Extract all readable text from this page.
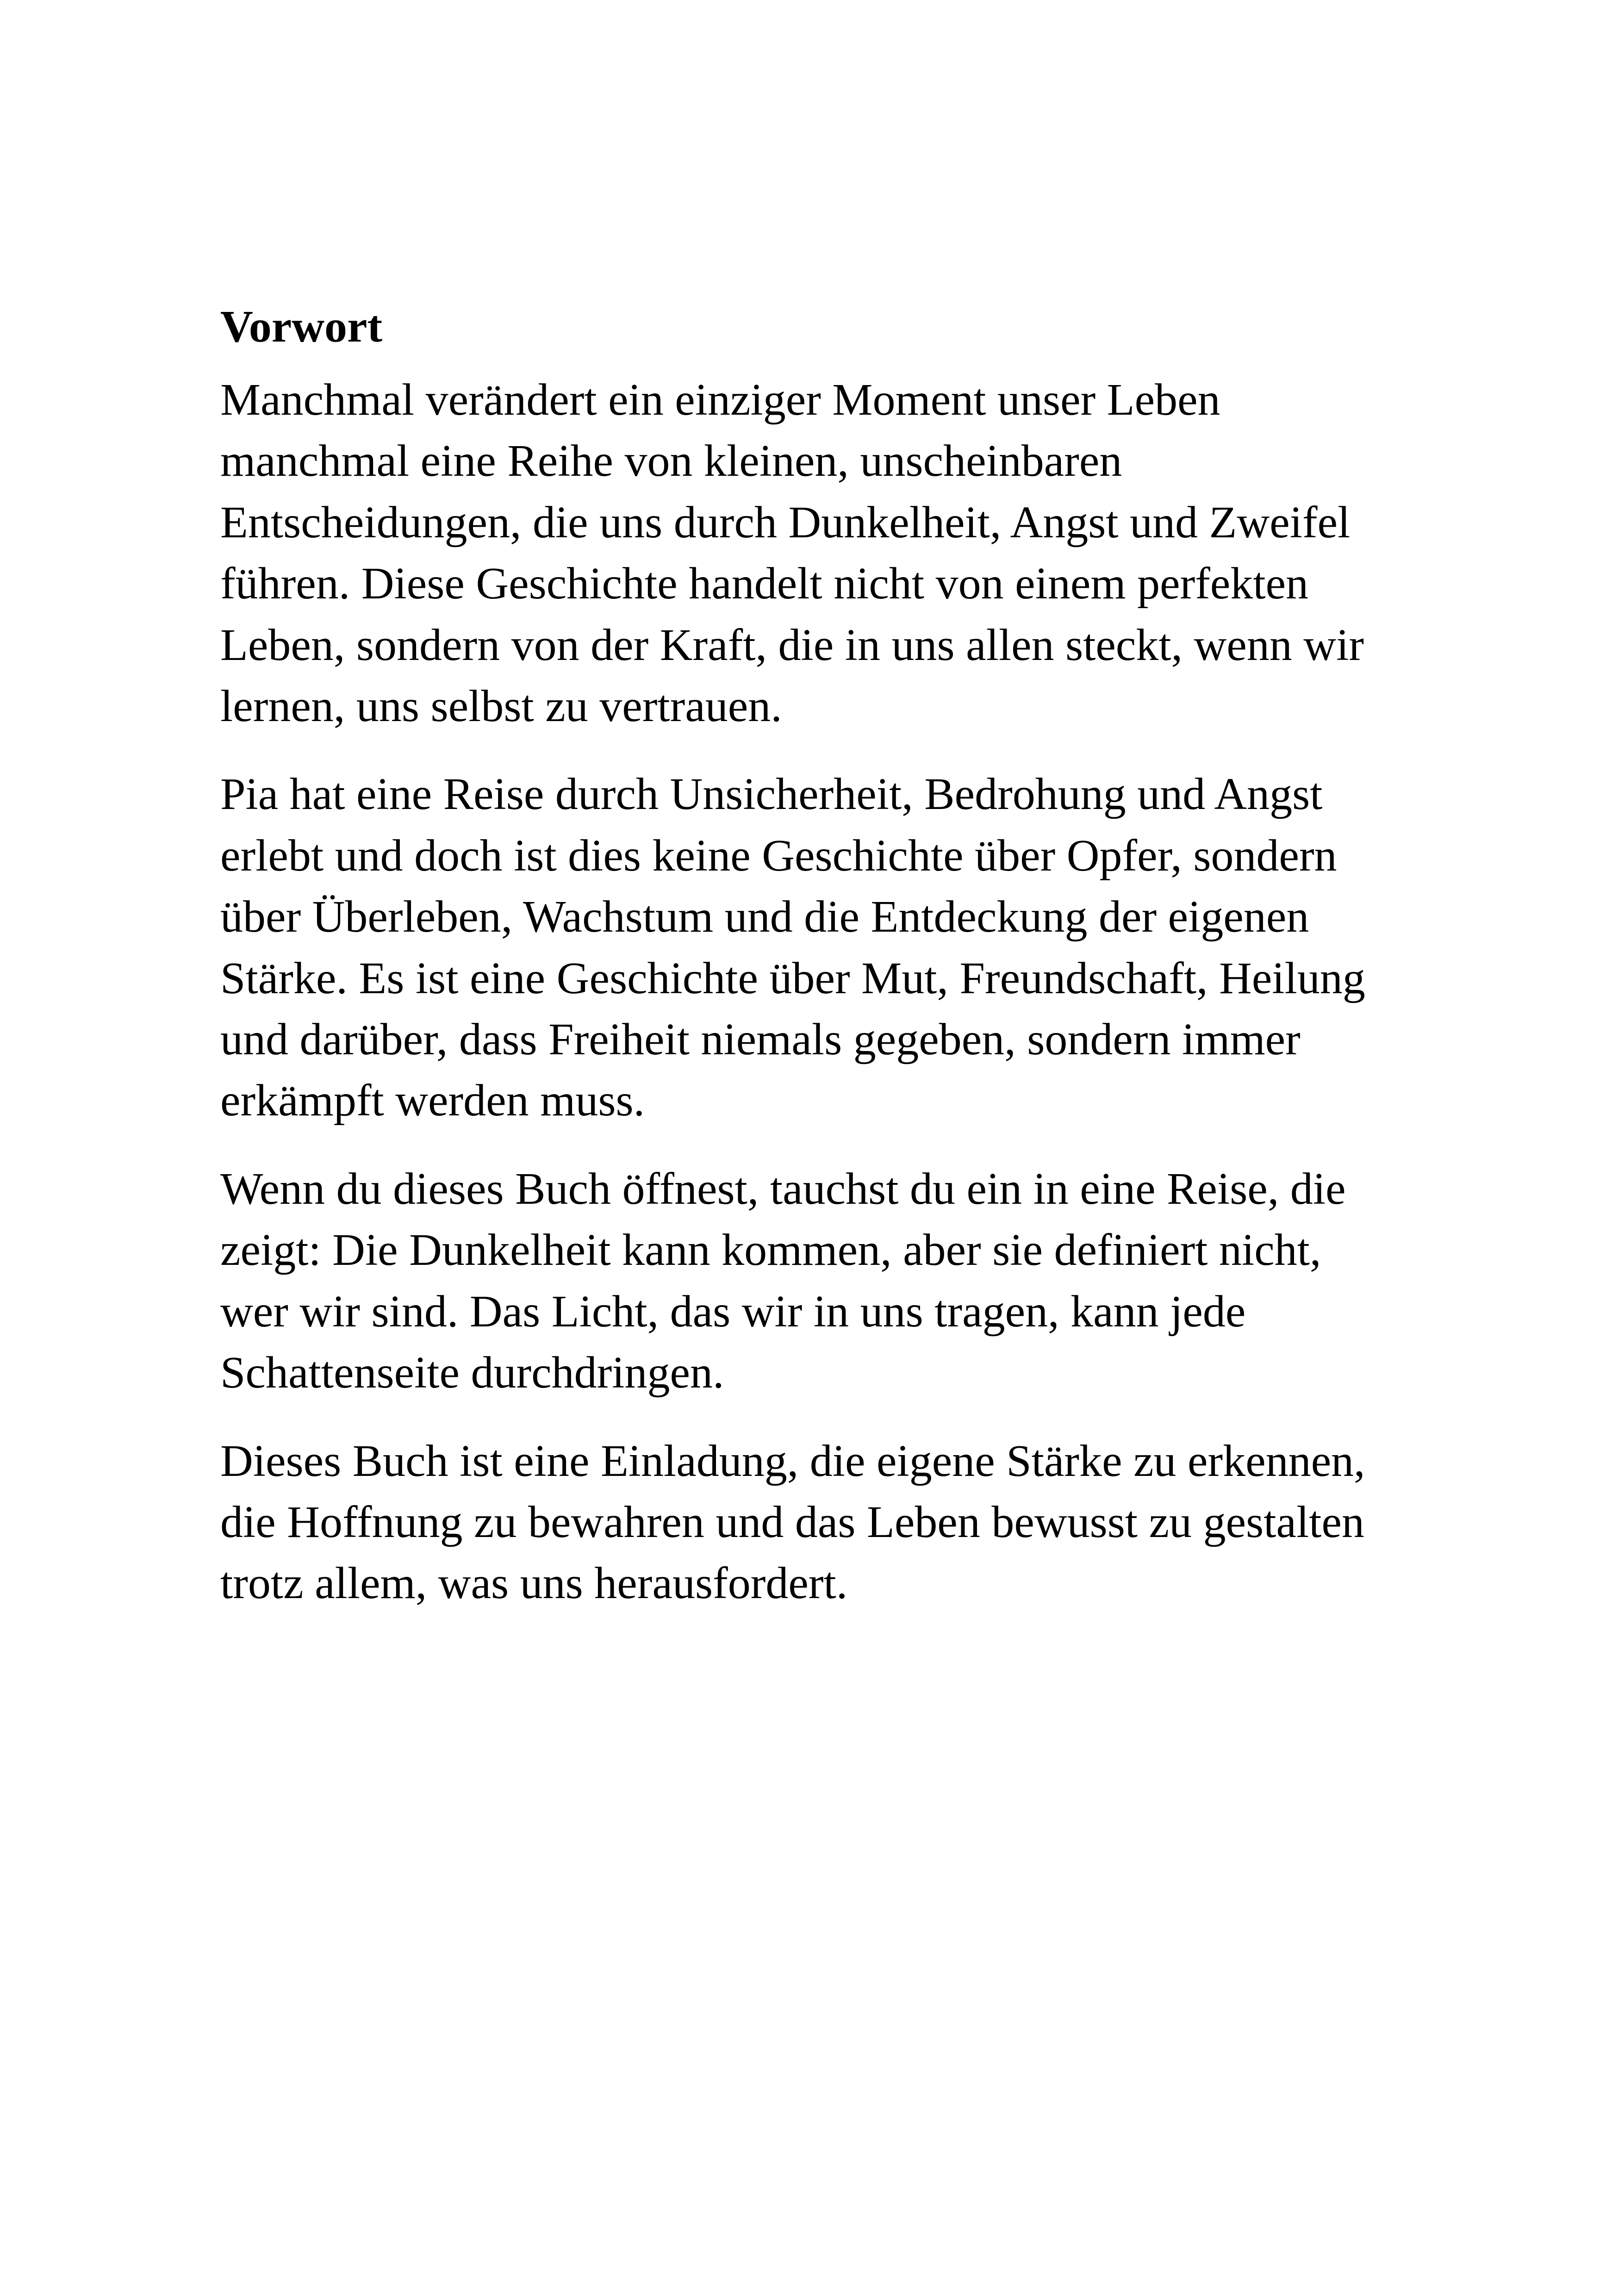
Vorwort

Manchmal verändert ein einziger Moment unser Leben
manchmal eine Reihe von kleinen, unscheinbaren
Entscheidungen, die uns durch Dunkelheit, Angst und Zweifel
führen. Diese Geschichte handelt nicht von einem perfekten
Leben, sondern von der Kraft, die in uns allen steckt, wenn wir
lernen, uns selbst zu vertrauen.

Pia hat eine Reise durch Unsicherheit, Bedrohung und Angst
erlebt und doch ist dies keine Geschichte über Opfer, sondern
über Überleben, Wachstum und die Entdeckung der eigenen
Stärke. Es ist eine Geschichte über Mut, Freundschaft, Heilung
und darüber, dass Freiheit niemals gegeben, sondern immer
erkämpft werden muss.

Wenn du dieses Buch öffnest, tauchst du ein in eine Reise, die
zeigt: Die Dunkelheit kann kommen, aber sie definiert nicht,
wer wir sind. Das Licht, das wir in uns tragen, kann jede
Schattenseite durchdringen.

Dieses Buch ist eine Einladung, die eigene Stärke zu erkennen,
die Hoffnung zu bewahren und das Leben bewusst zu gestalten
trotz allem, was uns herausfordert.
